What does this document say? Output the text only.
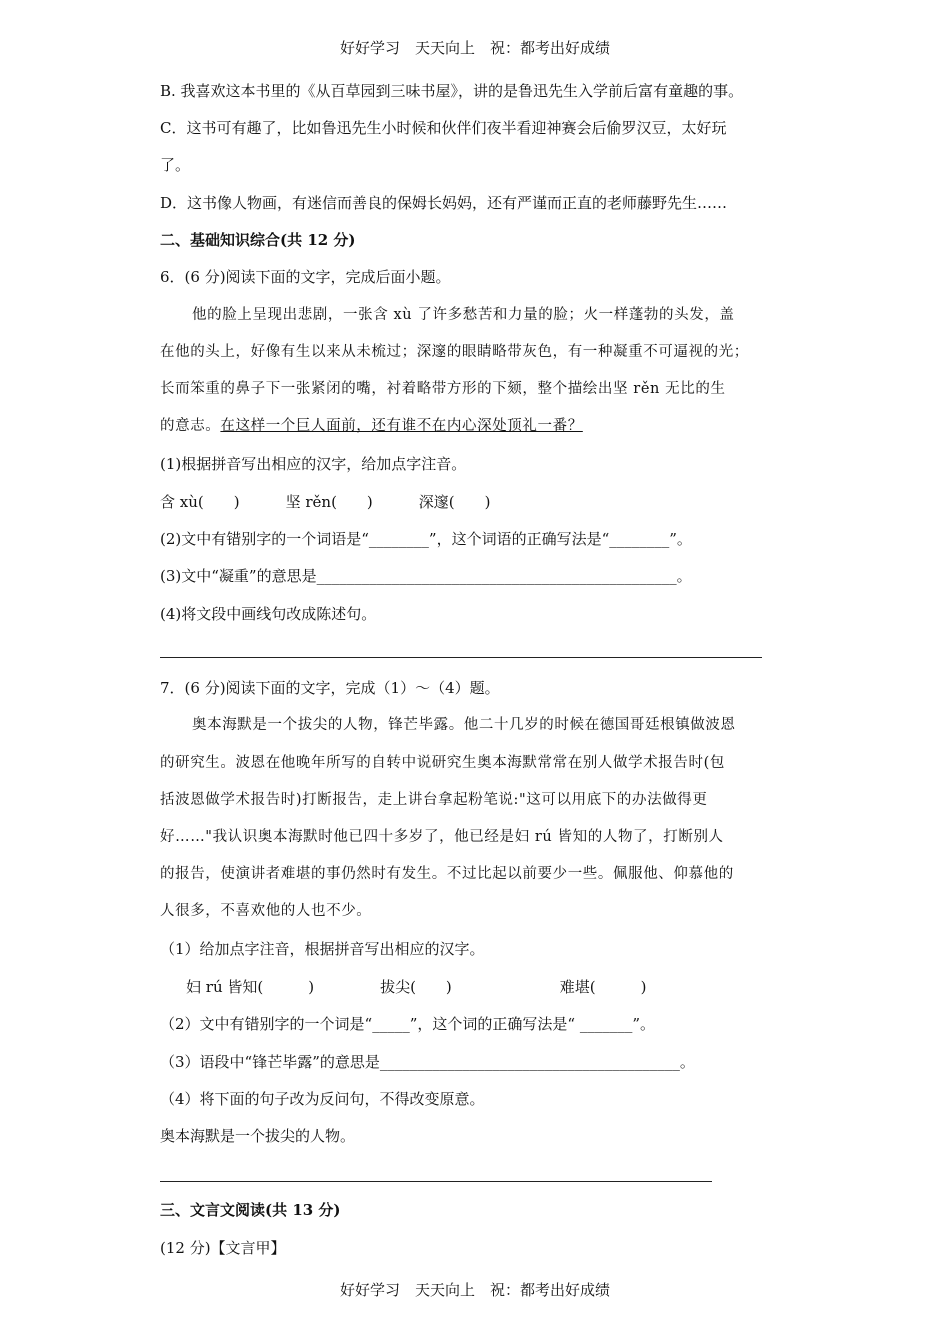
好好学习　天天向上　祝：都考出好成绩
B. 我喜欢这本书里的《从百草园到三味书屋》，讲的是鲁迅先生入学前后富有童趣的事。
C．这书可有趣了，比如鲁迅先生小时候和伙伴们夜半看迎神赛会后偷罗汉豆，太好玩
了。
D．这书像人物画，有迷信而善良的保姆长妈妈，还有严谨而正直的老师藤野先生……
二、基础知识综合(共 12 分)
6．(6 分)阅读下面的文字，完成后面小题。
他的脸上呈现出悲剧，一张含 xù 了许多愁苦和力量的脸；火一样蓬勃的头发，盖
在他的头上，好像有生以来从未梳过；深邃的眼睛略带灰色，有一种凝重不可逼视的光；
长而笨重的鼻子下一张紧闭的嘴，衬着略带方形的下颏，整个描绘出坚 rěn 无比的生
的意志。在这样一个巨人面前，还有谁不在内心深处顶礼一番？
(1)根据拼音写出相应的汉字，给加点字注音。
含 xù(　　)	坚 rěn(　　)	深邃(　　)
(2)文中有错别字的一个词语是“________”，这个词语的正确写法是“________”。
(3)文中“凝重”的意思是________________________________________________。
(4)将文段中画线句改成陈述句。
7．(6 分)阅读下面的文字，完成（1）～（4）题。
奥本海默是一个拔尖的人物，锋芒毕露。他二十几岁的时候在德国哥廷根镇做波恩
的研究生。波恩在他晚年所写的自转中说研究生奥本海默常常在别人做学术报告时(包
括波恩做学术报告时)打断报告，走上讲台拿起粉笔说:"这可以用底下的办法做得更
好……"我认识奥本海默时他已四十多岁了，他已经是妇 rú 皆知的人物了，打断别人
的报告，使演讲者难堪的事仍然时有发生。不过比起以前要少一些。佩服他、仰慕他的
人很多，不喜欢他的人也不少。
（1）给加点字注音，根据拼音写出相应的汉字。
妇 rú 皆知(　　　)	拔尖(　　)	难堪(　　　)
（2）文中有错别字的一个词是“_____”，这个词的正确写法是“ _______”。
（3）语段中“锋芒毕露”的意思是________________________________________。
（4）将下面的句子改为反问句，不得改变原意。
奥本海默是一个拔尖的人物。
三、文言文阅读(共 13 分)
(12 分)【文言甲】
好好学习　天天向上　祝：都考出好成绩
